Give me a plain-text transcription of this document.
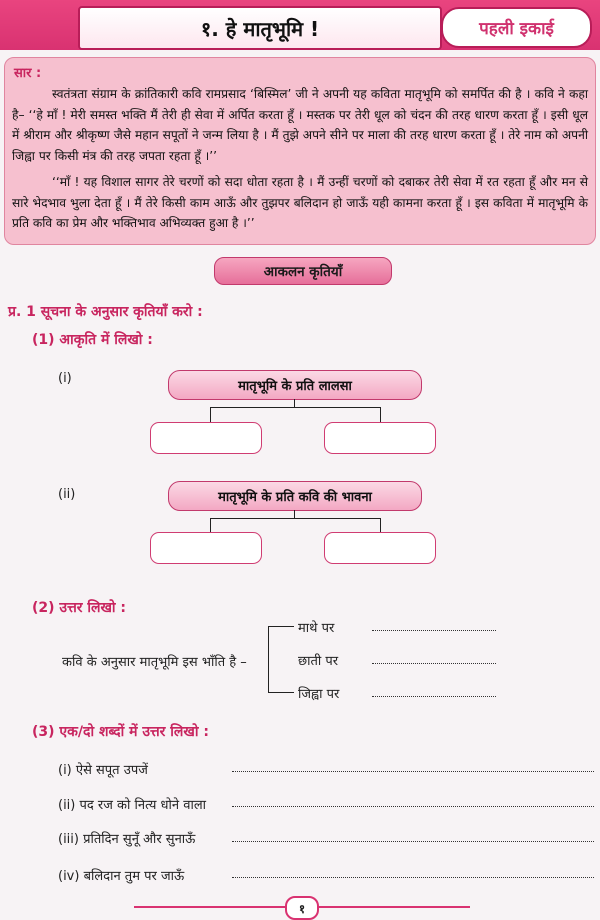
१. हे मातृभूमि !	पहली इकाई
सार :

स्वतंत्रता संग्राम के क्रांतिकारी कवि रामप्रसाद ‘बिस्मिल’ जी ने अपनी यह कविता मातृभूमि को समर्पित की है । कवि ने कहा है– ‘‘हे माँ ! मेरी समस्त भक्ति मैं तेरी ही सेवा में अर्पित करता हूँ । मस्तक पर तेरी धूल को चंदन की तरह धारण करता हूँ । इसी धूल में श्रीराम और श्रीकृष्ण जैसे महान सपूतों ने जन्म लिया है । मैं तुझे अपने सीने पर माला की तरह धारण करता हूँ । तेरे नाम को अपनी जिह्वा पर किसी मंत्र की तरह जपता रहता हूँ ।’’

‘‘माँ ! यह विशाल सागर तेरे चरणों को सदा धोता रहता है । मैं उन्हीं चरणों को दबाकर तेरी सेवा में रत रहता हूँ और मन से सारे भेदभाव भुला देता हूँ । मैं तेरे किसी काम आऊँ और तुझपर बलिदान हो जाऊँ यही कामना करता हूँ । इस कविता में मातृभूमि के प्रति कवि का प्रेम और भक्तिभाव अभिव्यक्त हुआ है ।’’

आकलन कृतियाँ
प्र. 1 सूचना के अनुसार कृतियाँ करो :
(1) आकृति में लिखो :
(i)
मातृभूमि के प्रति लालसा
(ii)	मातृभूमि के प्रति कवि की भावना
(2) उत्तर लिखो :
कवि के अनुसार मातृभूमि इस भाँति है –
माथे पर
छाती पर
जिह्वा पर
(3) एक/दो शब्दों में उत्तर लिखो :
(i) ऐसे सपूत उपजें
(ii) पद रज को नित्य धोने वाला
(iii) प्रतिदिन सुनूँ और सुनाऊँ
(iv) बलिदान तुम पर जाऊँ
१
